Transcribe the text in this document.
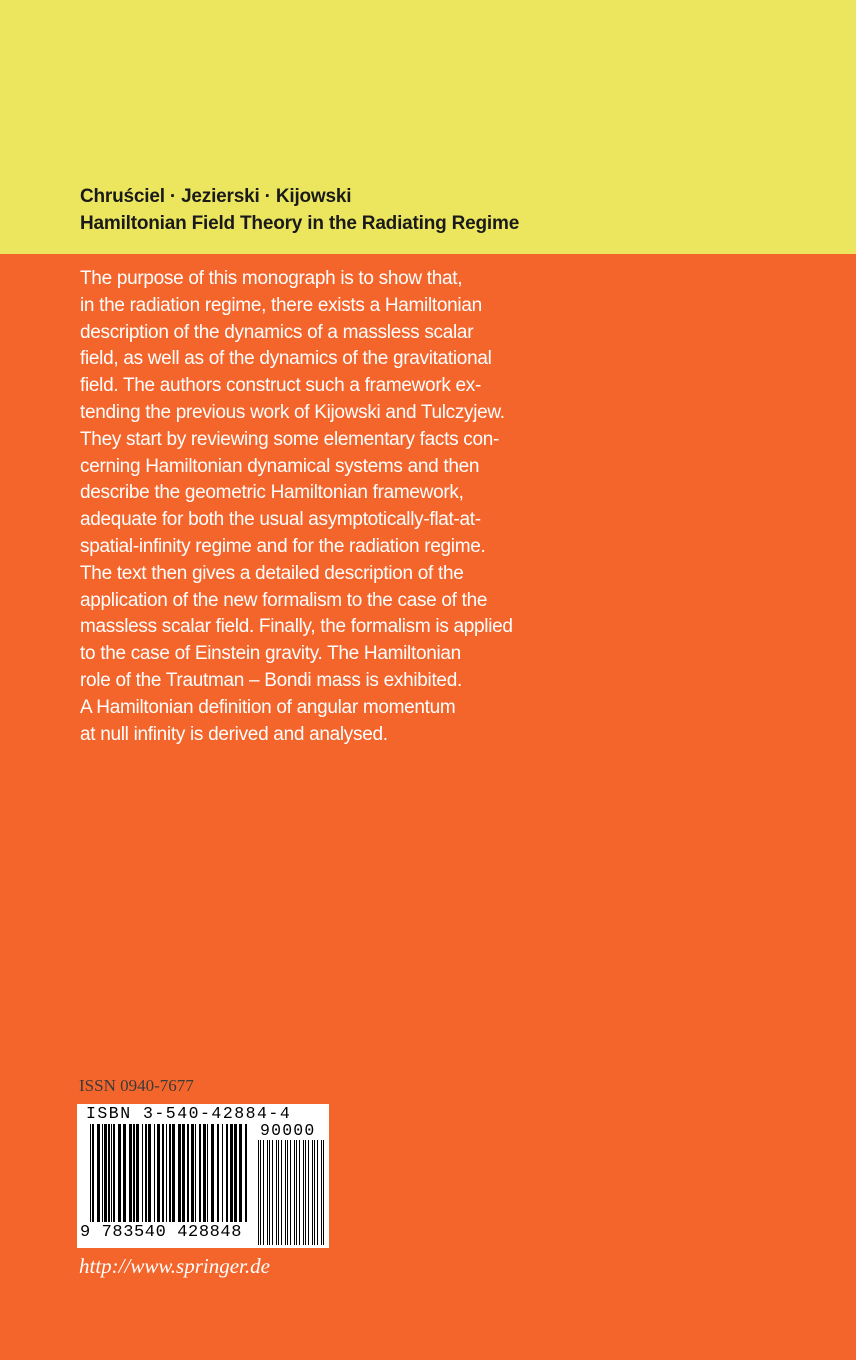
Chruściel · Jezierski · Kijowski
Hamiltonian Field Theory in the Radiating Regime
The purpose of this monograph is to show that,
in the radiation regime, there exists a Hamiltonian
description of the dynamics of a massless scalar
field, as well as of the dynamics of the gravitational
field. The authors construct such a framework ex-
tending the previous work of Kijowski and Tulczyjew.
They start by reviewing some elementary facts con-
cerning Hamiltonian dynamical systems and then
describe the geometric Hamiltonian framework,
adequate for both the usual asymptotically-flat-at-
spatial-infinity regime and for the radiation regime.
The text then gives a detailed description of the
application of the new formalism to the case of the
massless scalar field. Finally, the formalism is applied
to the case of Einstein gravity. The Hamiltonian
role of the Trautman – Bondi mass is exhibited.
A Hamiltonian definition of angular momentum
at null infinity is derived and analysed.
ISSN 0940-7677
ISBN 3-540-42884-4
90000
9 783540 428848
http://www.springer.de
